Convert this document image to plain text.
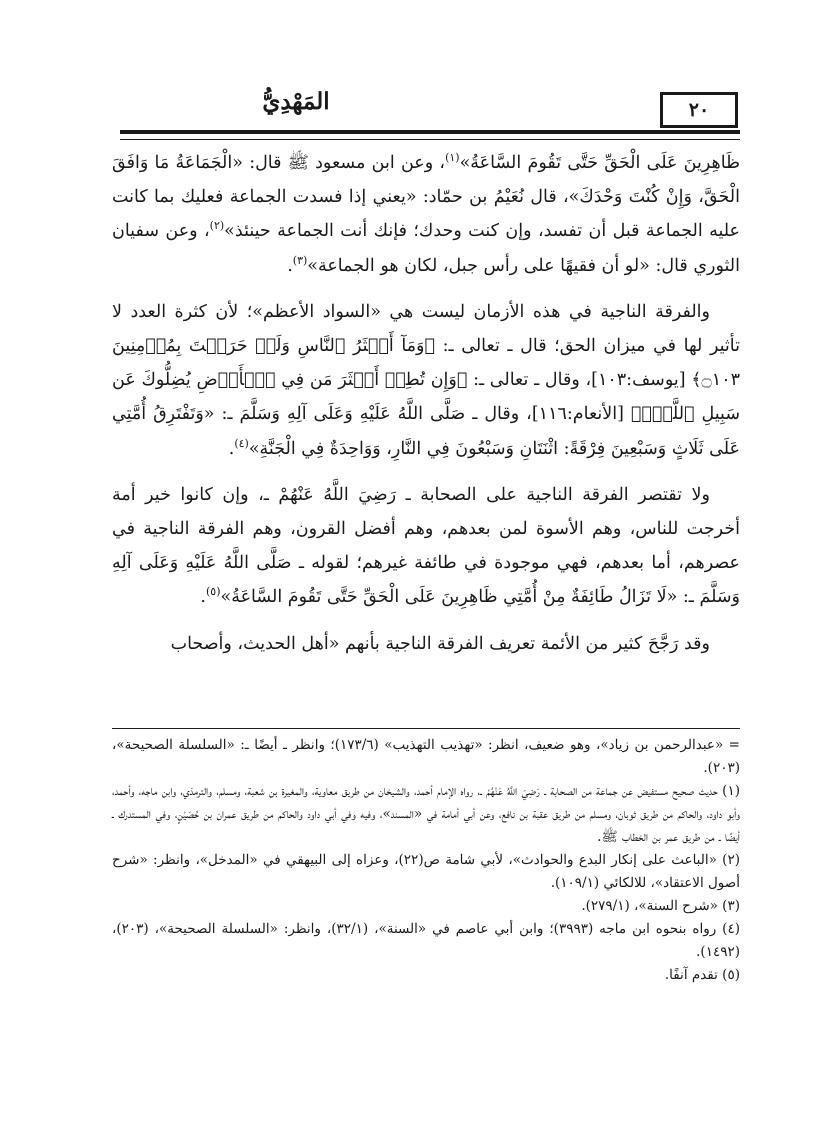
المَهْدِيُّ	٢٠

ظَاهِرِينَ عَلَى الْحَقِّ حَتَّى تَقُومَ السَّاعَةُ»$^{(١)}$، وعن ابن مسعود ﷺ قال: «الْجَمَاعَةُ مَا وَافَقَ الْحَقَّ، وَإِنْ كُنْتَ وَحْدَكَ»، قال نُعَيْمُ بن حمّاد: «يعني إذا فسدت الجماعة فعليك بما كانت عليه الجماعة قبل أن تفسد، وإن كنت وحدك؛ فإنك أنت الجماعة حينئذ»$^{(٢)}$، وعن سفيان الثوري قال: «لو أن فقيهًا على رأس جبل، لكان هو الجماعة»$^{(٣)}$.

والفرقة الناجية في هذه الأزمان ليست هي «السواد الأعظم»؛ لأن كثرة العدد لا تأثير لها في ميزان الحق؛ قال ـ تعالى ـ: ﴿وَمَآ أَكۡثَرُ ٱلنَّاسِ وَلَوۡ حَرَصۡتَ بِمُؤۡمِنِينَ ۝١٠٣﴾ [يوسف:١٠٣]، وقال ـ تعالى ـ: ﴿وَإِن تُطِعۡ أَكۡثَرَ مَن فِي ٱلۡأَرۡضِ يُضِلُّوكَ عَن سَبِيلِ ٱللَّهِۚ﴾ [الأنعام:١١٦]، وقال ـ صَلَّى اللَّهُ عَلَيْهِ وَعَلَى آلِهِ وَسَلَّمَ ـ: «وَتَفْتَرِقُ أُمَّتِي عَلَى ثَلَاثٍ وَسَبْعِينَ فِرْقَةً: اثْنَتَانِ وَسَبْعُونَ فِي النَّارِ، وَوَاحِدَةٌ فِي الْجَنَّةِ»$^{(٤)}$.

ولا تقتصر الفرقة الناجية على الصحابة ـ رَضِيَ اللَّهُ عَنْهُمْ ـ، وإن كانوا خير أمة أخرجت للناس، وهم الأسوة لمن بعدهم، وهم أفضل القرون، وهم الفرقة الناجية في عصرهم، أما بعدهم، فهي موجودة في طائفة غيرهم؛ لقوله ـ صَلَّى اللَّهُ عَلَيْهِ وَعَلَى آلِهِ وَسَلَّمَ ـ: «لَا تَزَالُ طَائِفَةٌ مِنْ أُمَّتِي ظَاهِرِينَ عَلَى الْحَقِّ حَتَّى تَقُومَ السَّاعَةُ»$^{(٥)}$.

وقد رَجَّحَ كثير من الأئمة تعريف الفرقة الناجية بأنهم «أهل الحديث، وأصحاب

= «عبدالرحمن بن زياد»، وهو ضعيف، انظر: «تهذيب التهذيب» (١٧٣/٦)؛ وانظر ـ أيضًا ـ: «السلسلة الصحيحة»، (٢٠٣).

(١) حديث صحيح مستفيض عن جماعة من الصحابة ـ رَضِيَ اللَّهُ عَنْهُمْ ـ، رواه الإمام أحمد، والشيخان من طريق معاوية، والمغيرة بن شعبة، ومسلم، والترمذي، وابن ماجه، وأحمد، وأبو داود، والحاكم من طريق ثوبان، ومسلم من طريق عقبة بن نافع، وعن أبي أمامة في «المسند»، وفيه وفي أبي داود والحاكم من طريق عمران بن حُصَيْنٍ، وفي المستدرك ـ أيضًا ـ من طريق عمر بن الخطاب ﷺ.

(٢) «الباعث على إنكار البدع والحوادث»، لأبي شامة ص(٢٢)، وعزاه إلى البيهقي في «المدخل»، وانظر: «شرح أصول الاعتقاد»، للالكائي (١٠٩/١).

(٣) «شرح السنة»، (٢٧٩/١).

(٤) رواه بنحوه ابن ماجه (٣٩٩٣)؛ وابن أبي عاصم في «السنة»، (٣٢/١)، وانظر: «السلسلة الصحيحة»، (٢٠٣)، (١٤٩٢).

(٥) تقدم آنفًا.
